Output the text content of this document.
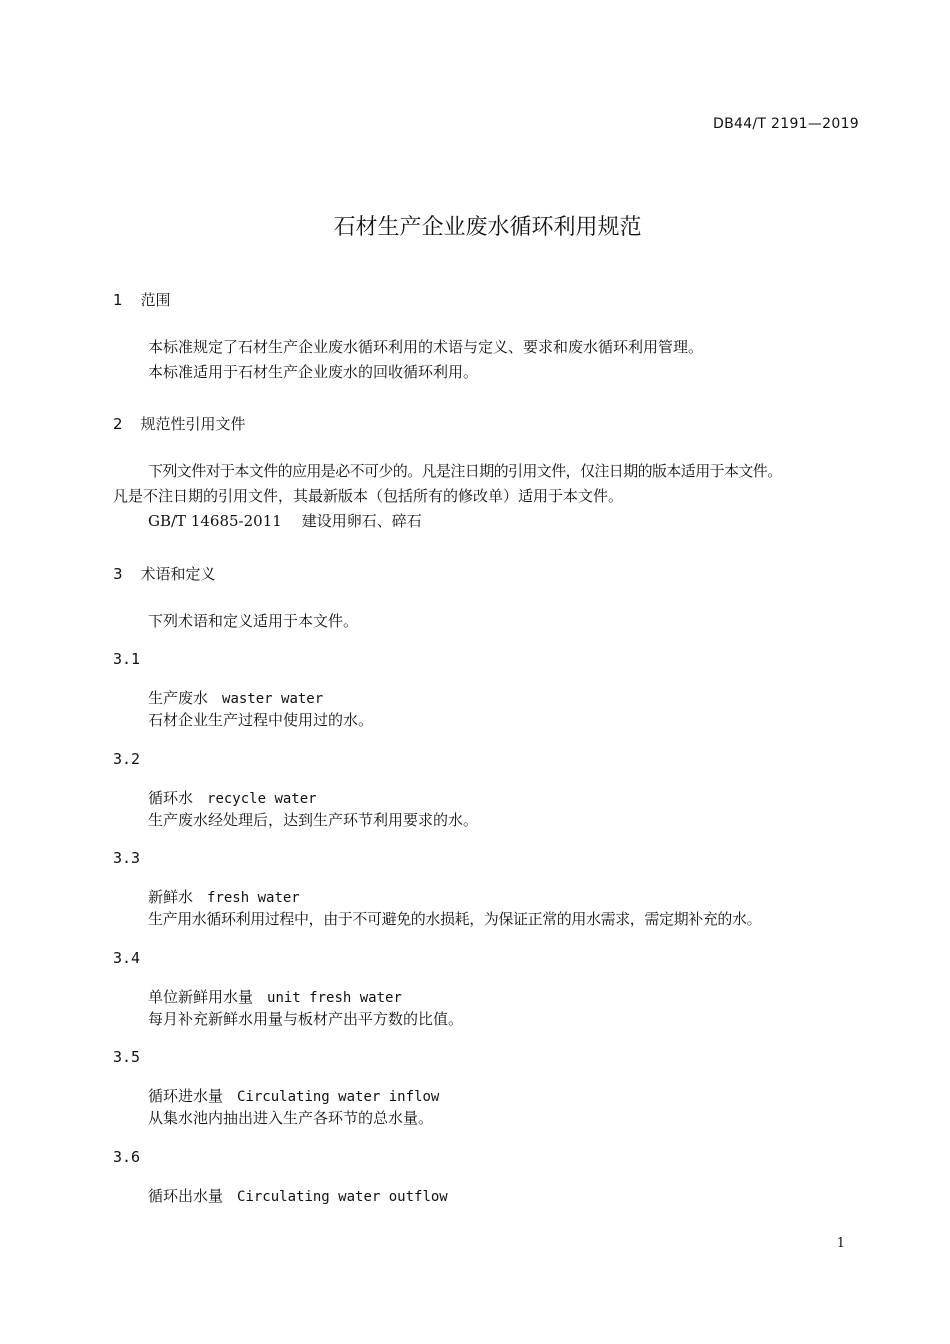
DB44/T 2191—2019
石材生产企业废水循环利用规范
1 范围
本标准规定了石材生产企业废水循环利用的术语与定义、要求和废水循环利用管理。
本标准适用于石材生产企业废水的回收循环利用。
2 规范性引用文件
下列文件对于本文件的应用是必不可少的。凡是注日期的引用文件，仅注日期的版本适用于本文件。
凡是不注日期的引用文件，其最新版本（包括所有的修改单）适用于本文件。
GB/T 14685-2011 建设用卵石、碎石
3 术语和定义
下列术语和定义适用于本文件。
3.1
生产废水 waster water
石材企业生产过程中使用过的水。
3.2
循环水 recycle water
生产废水经处理后，达到生产环节利用要求的水。
3.3
新鲜水 fresh water
生产用水循环利用过程中，由于不可避免的水损耗，为保证正常的用水需求，需定期补充的水。
3.4
单位新鲜用水量 unit fresh water
每月补充新鲜水用量与板材产出平方数的比值。
3.5
循环进水量 Circulating water inflow
从集水池内抽出进入生产各环节的总水量。
3.6
循环出水量 Circulating water outflow
1
